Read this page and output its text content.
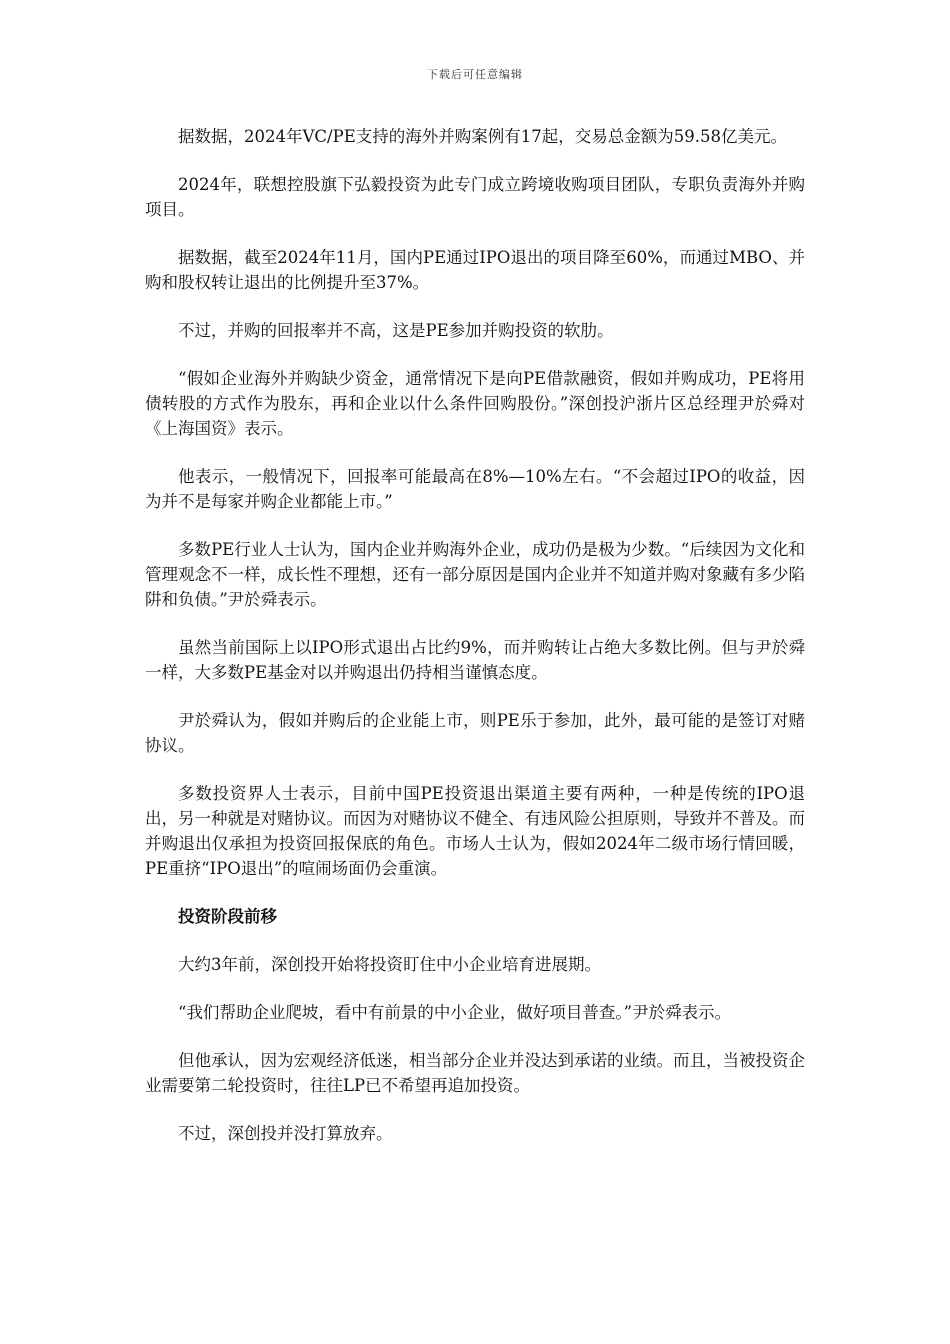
下载后可任意编辑

据数据，2024年VC/PE支持的海外并购案例有17起，交易总金额为59.58亿美元。

2024年，联想控股旗下弘毅投资为此专门成立跨境收购项目团队，专职负责海外并购项目。

据数据，截至2024年11月，国内PE通过IPO退出的项目降至60%，而通过MBO、并购和股权转让退出的比例提升至37%。

不过，并购的回报率并不高，这是PE参加并购投资的软肋。

“假如企业海外并购缺少资金，通常情况下是向PE借款融资，假如并购成功，PE将用债转股的方式作为股东，再和企业以什么条件回购股份。”深创投沪浙片区总经理尹於舜对《上海国资》表示。

他表示，一般情况下，回报率可能最高在8%—10%左右。“不会超过IPO的收益，因为并不是每家并购企业都能上市。”

多数PE行业人士认为，国内企业并购海外企业，成功仍是极为少数。“后续因为文化和管理观念不一样，成长性不理想，还有一部分原因是国内企业并不知道并购对象藏有多少陷阱和负债。”尹於舜表示。

虽然当前国际上以IPO形式退出占比约9%，而并购转让占绝大多数比例。但与尹於舜一样，大多数PE基金对以并购退出仍持相当谨慎态度。

尹於舜认为，假如并购后的企业能上市，则PE乐于参加，此外，最可能的是签订对赌协议。

多数投资界人士表示，目前中国PE投资退出渠道主要有两种，一种是传统的IPO退出，另一种就是对赌协议。而因为对赌协议不健全、有违风险公担原则，导致并不普及。而并购退出仅承担为投资回报保底的角色。市场人士认为，假如2024年二级市场行情回暖，PE重挤“IPO退出”的喧闹场面仍会重演。

投资阶段前移

大约3年前，深创投开始将投资盯住中小企业培育进展期。

“我们帮助企业爬坡，看中有前景的中小企业，做好项目普查。”尹於舜表示。

但他承认，因为宏观经济低迷，相当部分企业并没达到承诺的业绩。而且，当被投资企业需要第二轮投资时，往往LP已不希望再追加投资。

不过，深创投并没打算放弃。
